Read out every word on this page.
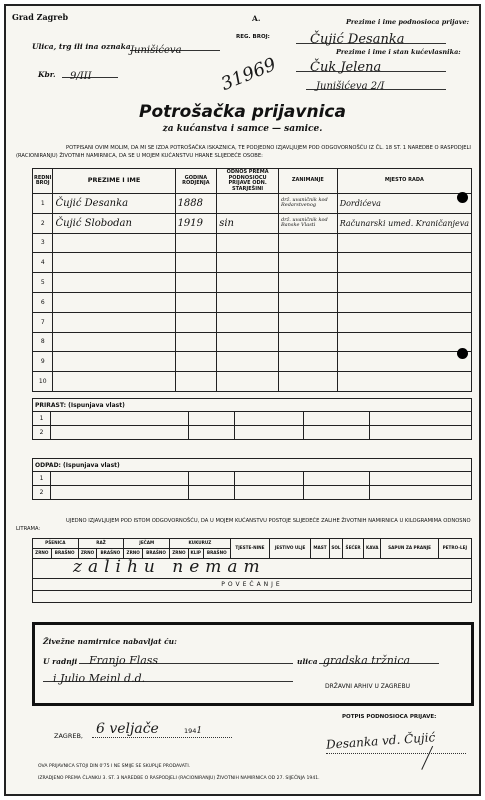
Grad Zagreb	A.
REG. BROJ:
Ulica, trg ili ina oznaka Junišićeva
Kbr.	9/III	31969
Prezime i ime podnosioca prijave:
Čujić Desanka
Prezime i ime i stan kućevlasnika:
Čuk Jelena
Junišićeva 2/I
Potrošačka prijavnica
za kućanstva i samce — samice.
POTPISANI OVIM MOLIM, DA MI SE IZDA POTROŠAČKA ISKAZNICA, TE PODJEDNO IZJAVLJUJEM POD ODGOVORNOŠĆU IZ ČL. 18 ST. 1 NAREDBE O RASPODJELI (RACIONIRANJU) ŽIVOTNIH NAMIRNICA, DA SE U MOJEM KUĆANSTVU HRANE SLIJEDEĆE OSOBE:
REDNI BROJ	PREZIME I IME	GODINA RODJENJA	ODNOS PREMA PODNOSIOCU PRIJAVE ODN. STARJEŠINI	ZANIMANJE	MJESTO RADA
1	Čujić Desanka	1888		drž. uvaničnik kod Redarstvenog	Dordićeva
2	Čujić Slobodan	1919	sin	drž. uvaničnik kod Banske Vlasti	Računarski umed. Kraničanjeva
3					
4					
5					
6					
7					
8					
9					
10					
PRIRAST: (Ispunjava vlast)					
1					
2					
ODPAD: (Ispunjava vlast)					
1					
2					
UJEDNO IZJAVLJUJEM POD ISTOM ODGOVORNOŠĆU, DA U MOJEM KUĆANSTVU POSTOJE SLIJEDEĆE ZALIHE ŽIVOTNIH NAMIRNICA U KILOGRAMIMA ODNOSNO LITRAMA:
PŠENICA		RAŽ		JEČAM		KUKURUZ			TJESTE-NINE	JESTIVO ULJE	MAST	SOL	ŠEĆER	KAVA	SAPUN ZA PRANJE	PETRO-LEJ
ZRNO	BRAŠNO	ZRNO	BRAŠNO	ZRNO	BRAŠNO	ZRNO	KLIP	BRAŠNO								

zalihu nemam																

POVEĆANJE																

Živežne namirnice nabavljat ću:
U radnji	Franjo Flass	ulica gradska tržnica
i Julio Meinl d.d.
DRŽAVNI ARHIV U ZAGREBU
ZAGREB, 6 veljače	1941
POTPIS PODNOSIOCA PRIJAVE:
Desanka vd. Čujić
OVA PRIJAVNICA STOJI DIN 0'75 I NE SMIJE SE SKUPLJE PRODAVATI.
IZRADJENO PREMA ČLANKU 3. ST. 3 NAREDBE O RASPODJELI (RACIONIRANJU) ŽIVOTNIH NAMIRNICA OD 27. SIJEČNJA 1941.
